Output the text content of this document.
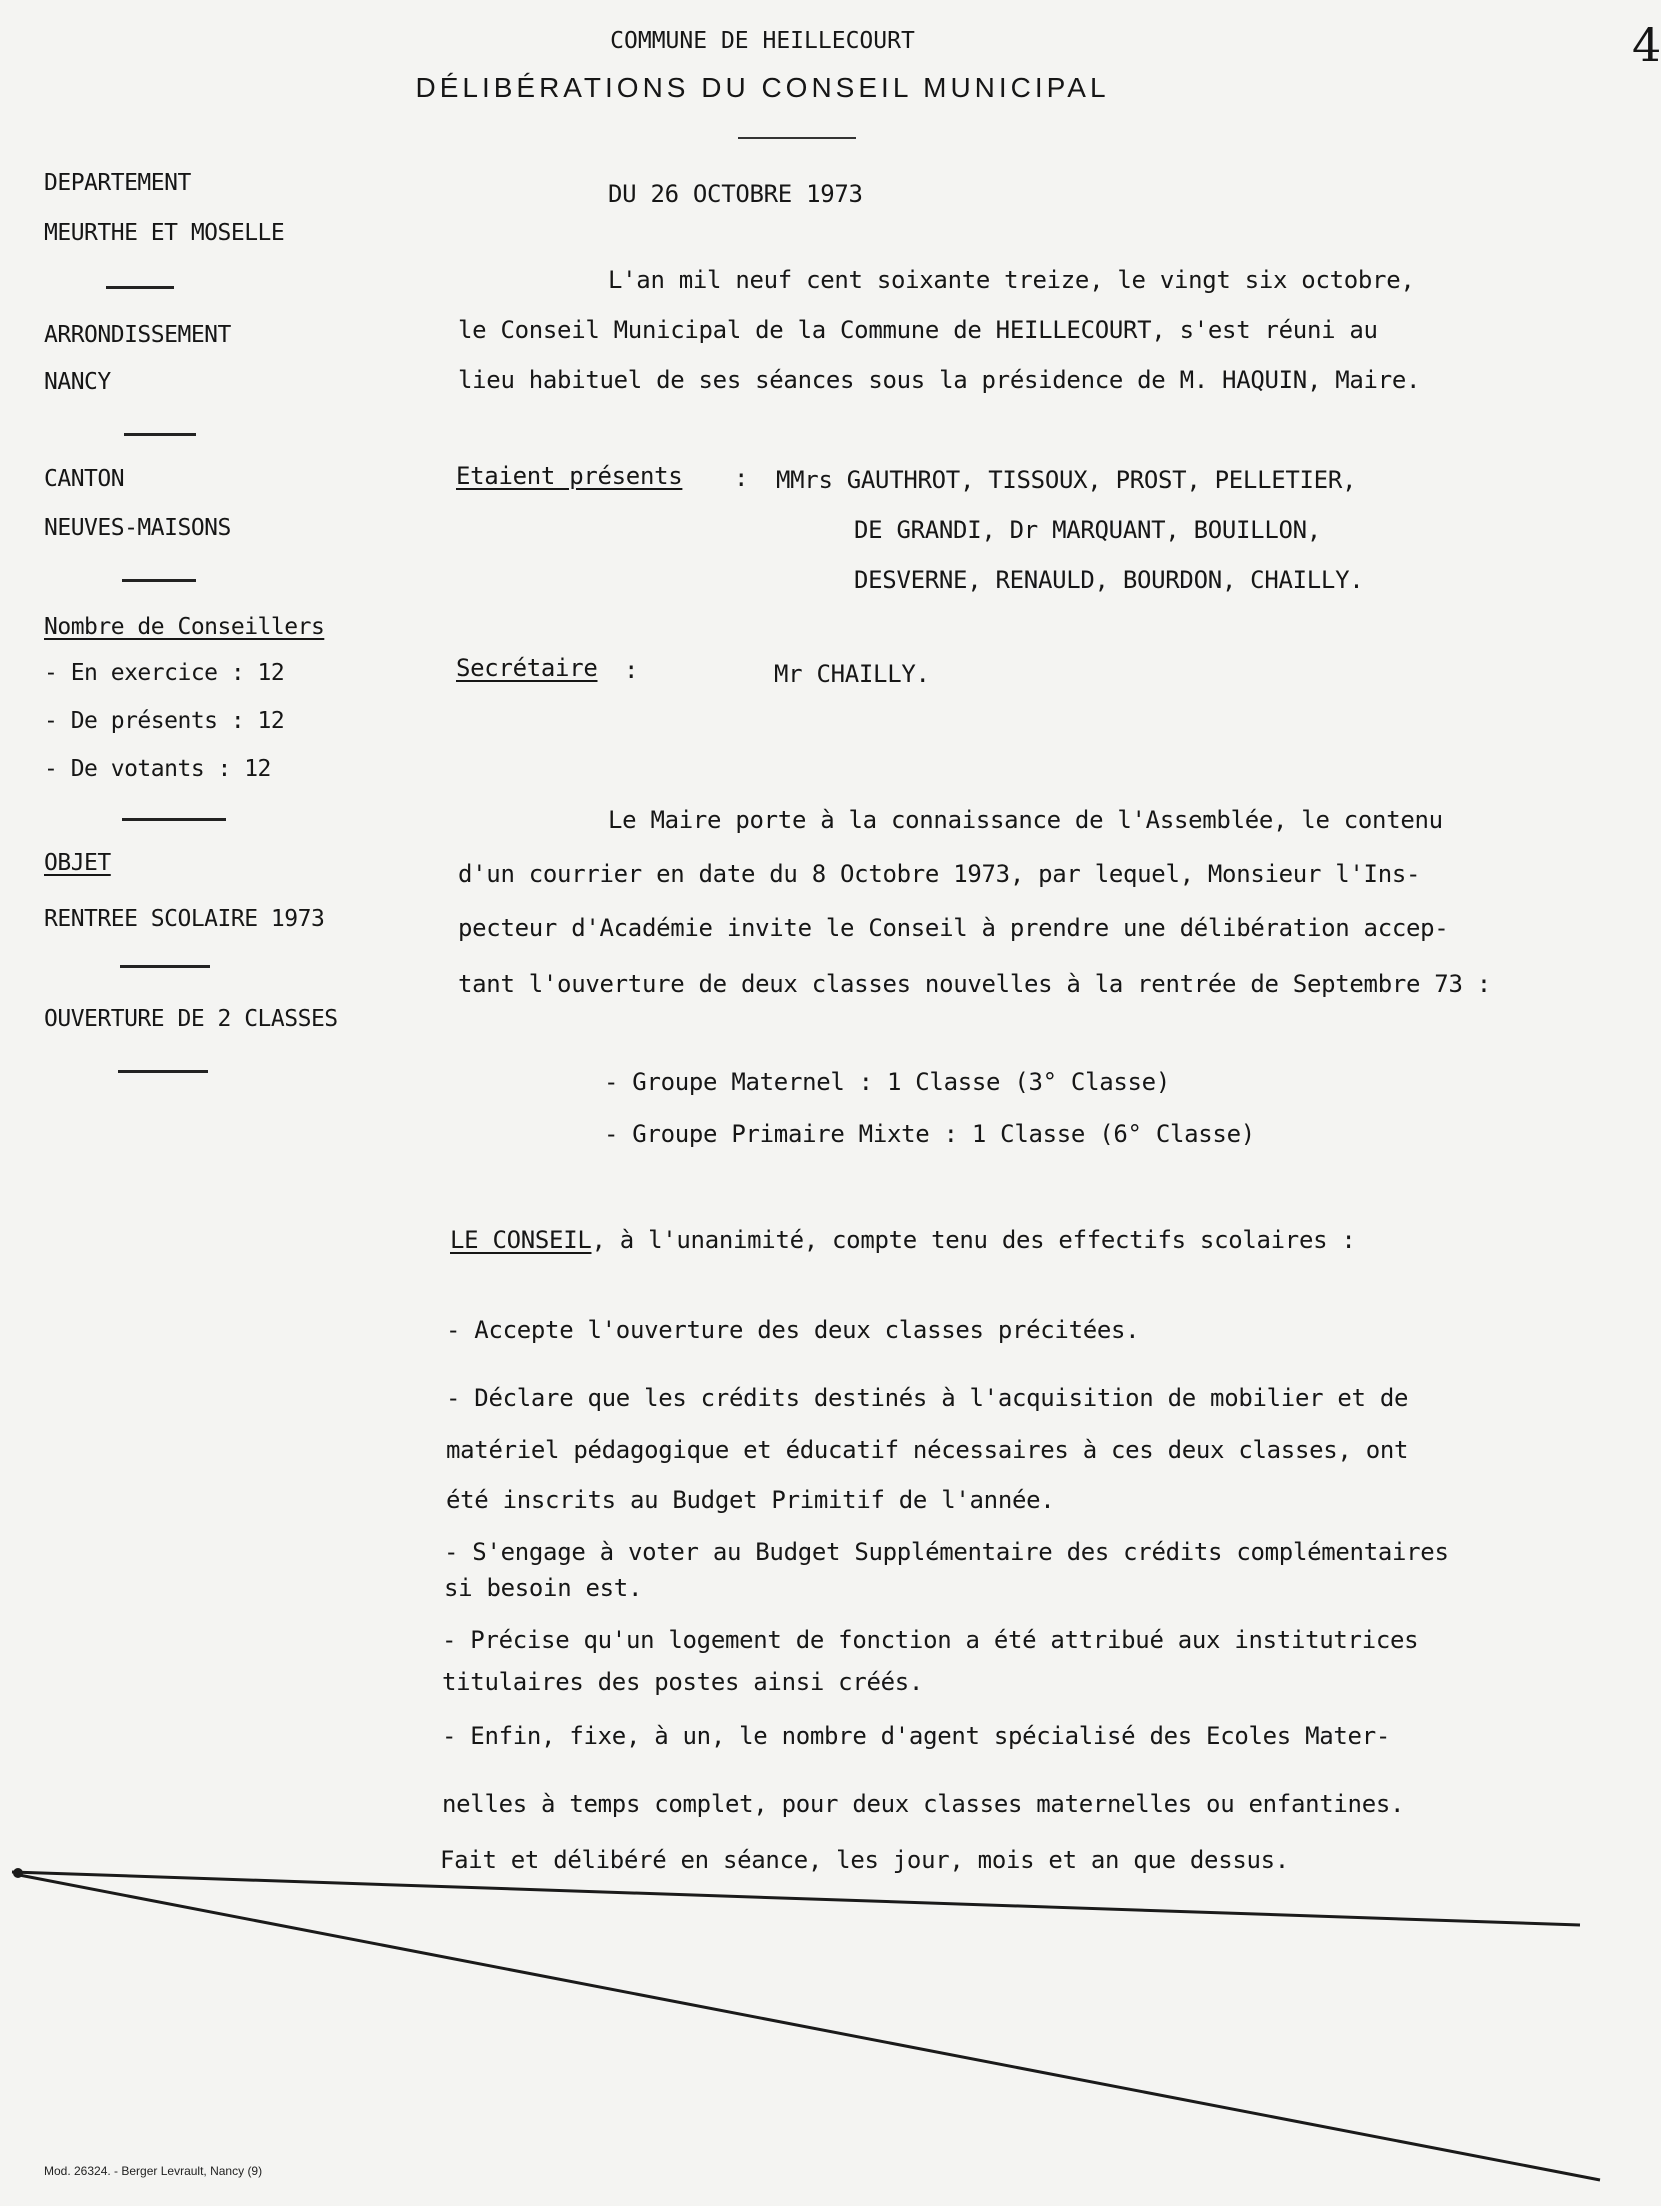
4
COMMUNE DE HEILLECOURT
DÉLIBÉRATIONS DU CONSEIL MUNICIPAL
DEPARTEMENT
MEURTHE ET MOSELLE
ARRONDISSEMENT
NANCY
CANTON
NEUVES-MAISONS
Nombre de Conseillers
- En exercice : 12
- De présents : 12
- De votants : 12
OBJET
RENTREE SCOLAIRE 1973
OUVERTURE DE 2 CLASSES
DU 26 OCTOBRE 1973
L'an mil neuf cent soixante treize, le vingt six octobre,
le Conseil Municipal de la Commune de HEILLECOURT, s'est réuni au
lieu habituel de ses séances sous la présidence de M. HAQUIN, Maire.
Etaient présents : MMrs GAUTHROT, TISSOUX, PROST, PELLETIER,
DE GRANDI, Dr MARQUANT, BOUILLON,
DESVERNE, RENAULD, BOURDON, CHAILLY.
Secrétaire :	Mr CHAILLY.
Le Maire porte à la connaissance de l'Assemblée, le contenu
d'un courrier en date du 8 Octobre 1973, par lequel, Monsieur l'Ins-
pecteur d'Académie invite le Conseil à prendre une délibération accep-
tant l'ouverture de deux classes nouvelles à la rentrée de Septembre 73 :
- Groupe Maternel : 1 Classe (3° Classe)
- Groupe Primaire Mixte : 1 Classe (6° Classe)
LE CONSEIL, à l'unanimité, compte tenu des effectifs scolaires :
- Accepte l'ouverture des deux classes précitées.
- Déclare que les crédits destinés à l'acquisition de mobilier et de
matériel pédagogique et éducatif nécessaires à ces deux classes, ont
été inscrits au Budget Primitif de l'année.
- S'engage à voter au Budget Supplémentaire des crédits complémentaires
si besoin est.
- Précise qu'un logement de fonction a été attribué aux institutrices
titulaires des postes ainsi créés.
- Enfin, fixe, à un, le nombre d'agent spécialisé des Ecoles Mater-
nelles à temps complet, pour deux classes maternelles ou enfantines.
Fait et délibéré en séance, les jour, mois et an que dessus.
Mod. 26324. - Berger Levrault, Nancy (9)
